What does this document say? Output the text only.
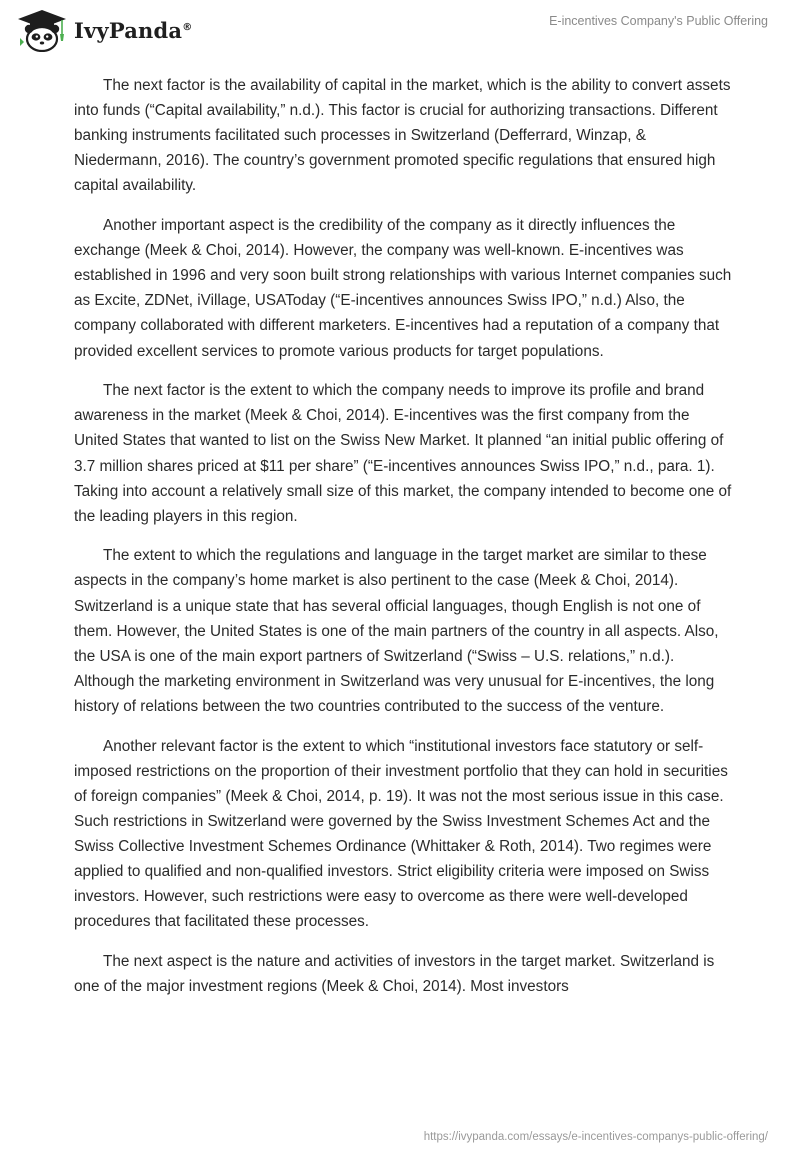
IvyPanda®	E-incentives Company's Public Offering

The next factor is the availability of capital in the market, which is the ability to convert assets into funds (“Capital availability,” n.d.). This factor is crucial for authorizing transactions. Different banking instruments facilitated such processes in Switzerland (Defferrard, Winzap, & Niedermann, 2016). The country’s government promoted specific regulations that ensured high capital availability.

Another important aspect is the credibility of the company as it directly influences the exchange (Meek & Choi, 2014). However, the company was well-known. E-incentives was established in 1996 and very soon built strong relationships with various Internet companies such as Excite, ZDNet, iVillage, USAToday (“E-incentives announces Swiss IPO,” n.d.) Also, the company collaborated with different marketers. E-incentives had a reputation of a company that provided excellent services to promote various products for target populations.

The next factor is the extent to which the company needs to improve its profile and brand awareness in the market (Meek & Choi, 2014). E-incentives was the first company from the United States that wanted to list on the Swiss New Market. It planned “an initial public offering of 3.7 million shares priced at $11 per share” (“E-incentives announces Swiss IPO,” n.d., para. 1). Taking into account a relatively small size of this market, the company intended to become one of the leading players in this region.

The extent to which the regulations and language in the target market are similar to these aspects in the company’s home market is also pertinent to the case (Meek & Choi, 2014). Switzerland is a unique state that has several official languages, though English is not one of them. However, the United States is one of the main partners of the country in all aspects. Also, the USA is one of the main export partners of Switzerland (“Swiss – U.S. relations,” n.d.). Although the marketing environment in Switzerland was very unusual for E-incentives, the long history of relations between the two countries contributed to the success of the venture.

Another relevant factor is the extent to which “institutional investors face statutory or self-imposed restrictions on the proportion of their investment portfolio that they can hold in securities of foreign companies” (Meek & Choi, 2014, p. 19). It was not the most serious issue in this case. Such restrictions in Switzerland were governed by the Swiss Investment Schemes Act and the Swiss Collective Investment Schemes Ordinance (Whittaker & Roth, 2014). Two regimes were applied to qualified and non-qualified investors. Strict eligibility criteria were imposed on Swiss investors. However, such restrictions were easy to overcome as there were well-developed procedures that facilitated these processes.

The next aspect is the nature and activities of investors in the target market. Switzerland is one of the major investment regions (Meek & Choi, 2014). Most investors

https://ivypanda.com/essays/e-incentives-companys-public-offering/
